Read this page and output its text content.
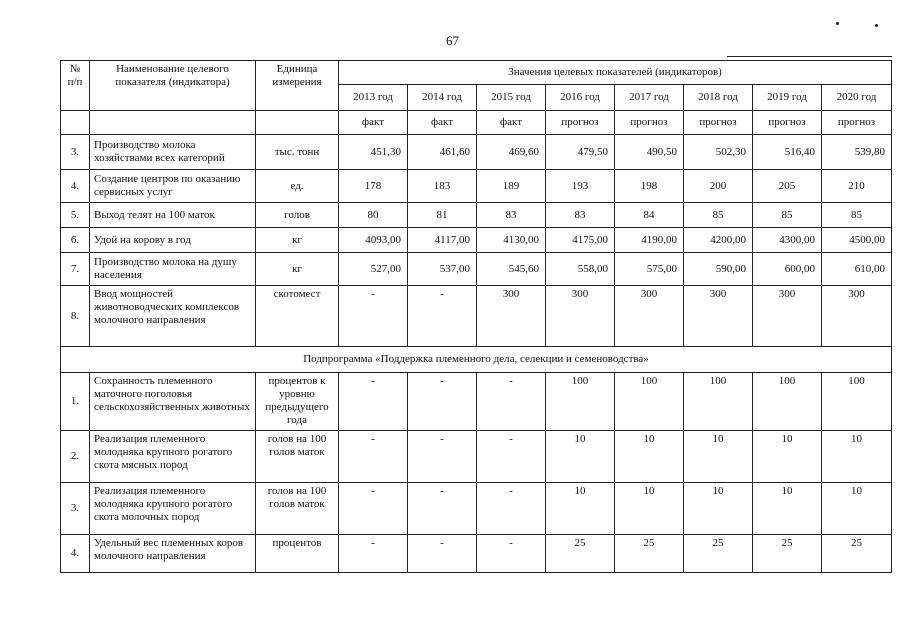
67
№ п/п	Наименование целевого показателя (индикатора)	Единица измерения	Значения целевых показателей (индикаторов)							
			2013 год	2014 год	2015 год	2016 год	2017 год	2018 год	2019 год	2020 год
			факт	факт	факт	прогноз	прогноз	прогноз	прогноз	прогноз
3.	Производство молока хозяйствами всех категорий	тыс. тонн	451,30	461,60	469,60	479,50	490,50	502,30	516,40	539,80
4.	Создание центров по оказанию сервисных услуг	ед.	178	183	189	193	198	200	205	210
5.	Выход телят на 100 маток	голов	80	81	83	83	84	85	85	85
6.	Удой на корову в год	кг	4093,00	4117,00	4130,00	4175,00	4190,00	4200,00	4300,00	4500,00
7.	Производство молока на душу населения	кг	527,00	537,00	545,60	558,00	575,00	590,00	600,00	610,00
8.	Ввод мощностей животноводческих комплексов молочного направления	скотомест	-	-	300	300	300	300	300	300
Подпрограмма «Поддержка племенного дела, селекции и семеноводства»										
1.	Сохранность племенного маточного поголовья сельскохозяйственных животных	процентов к уровню предыдущего года	-	-	-	100	100	100	100	100
2.	Реализация племенного молодняка крупного рогатого скота мясных пород	голов на 100 голов маток	-	-	-	10	10	10	10	10
3.	Реализация племенного молодняка крупного рогатого скота молочных пород	голов на 100 голов маток	-	-	-	10	10	10	10	10
4.	Удельный вес племенных коров молочного направления	процентов	-	-	-	25	25	25	25	25
